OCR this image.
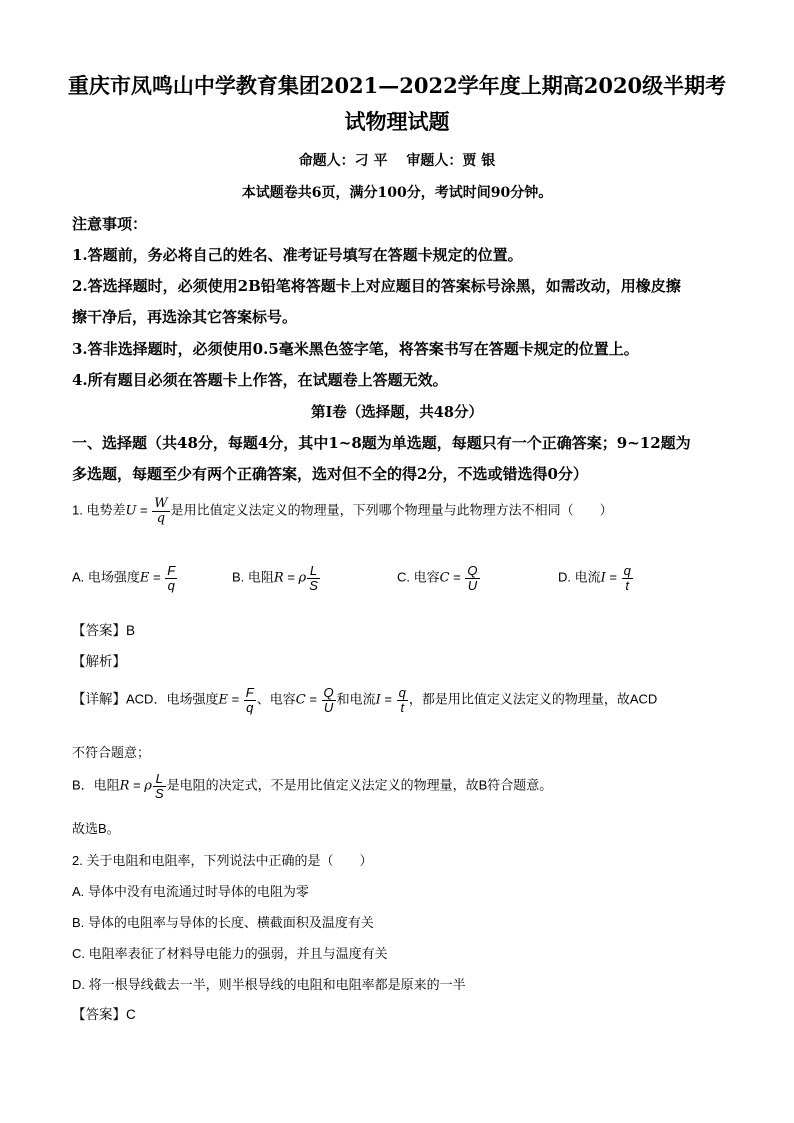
重庆市凤鸣山中学教育集团2021—2022学年度上期高2020级半期考
试物理试题
命题人：刁 平　 审题人：贾 银
本试题卷共6页，满分100分，考试时间90分钟。
注意事项：
1.答题前，务必将自己的姓名、准考证号填写在答题卡规定的位置。
2.答选择题时，必须使用2B铅笔将答题卡上对应题目的答案标号涂黑，如需改动，用橡皮擦
擦干净后，再选涂其它答案标号。
3.答非选择题时，必须使用0.5毫米黑色签字笔，将答案书写在答题卡规定的位置上。
4.所有题目必须在答题卡上作答，在试题卷上答题无效。
第Ⅰ卷（选择题，共48分）
一、选择题（共48分，每题4分，其中1~8题为单选题，每题只有一个正确答案；9~12题为
多选题，每题至少有两个正确答案，选对但不全的得2分，不选或错选得0分）
1. 电势差$U = \frac{W}{q}$ 是用比值定义法定义的物理量，下列哪个物理量与此物理方法不相同（　　）
A. 电场强度$E = \frac{F}{q}$	B. 电阻R = ρ $\frac{L}{S}$	C. 电容$C = \frac{Q}{U}$	D. 电流$I = \frac{q}{t}$
【答案】B
【解析】
【详解】ACD．电场强度$E = \frac{F}{q}$ 、电容$C = \frac{Q}{U}$ 和电流$I = \frac{q}{t}$ ，都是用比值定义法定义的物理量，故ACD
不符合题意；
B．电阻R = ρ $\frac{L}{S}$ 是电阻的决定式，不是用比值定义法定义的物理量，故B符合题意。
故选B。
2. 关于电阻和电阻率，下列说法中正确的是（　　）
A. 导体中没有电流通过时导体的电阻为零
B. 导体的电阻率与导体的长度、横截面积及温度有关
C. 电阻率表征了材料导电能力的强弱，并且与温度有关
D. 将一根导线截去一半，则半根导线的电阻和电阻率都是原来的一半
【答案】C
